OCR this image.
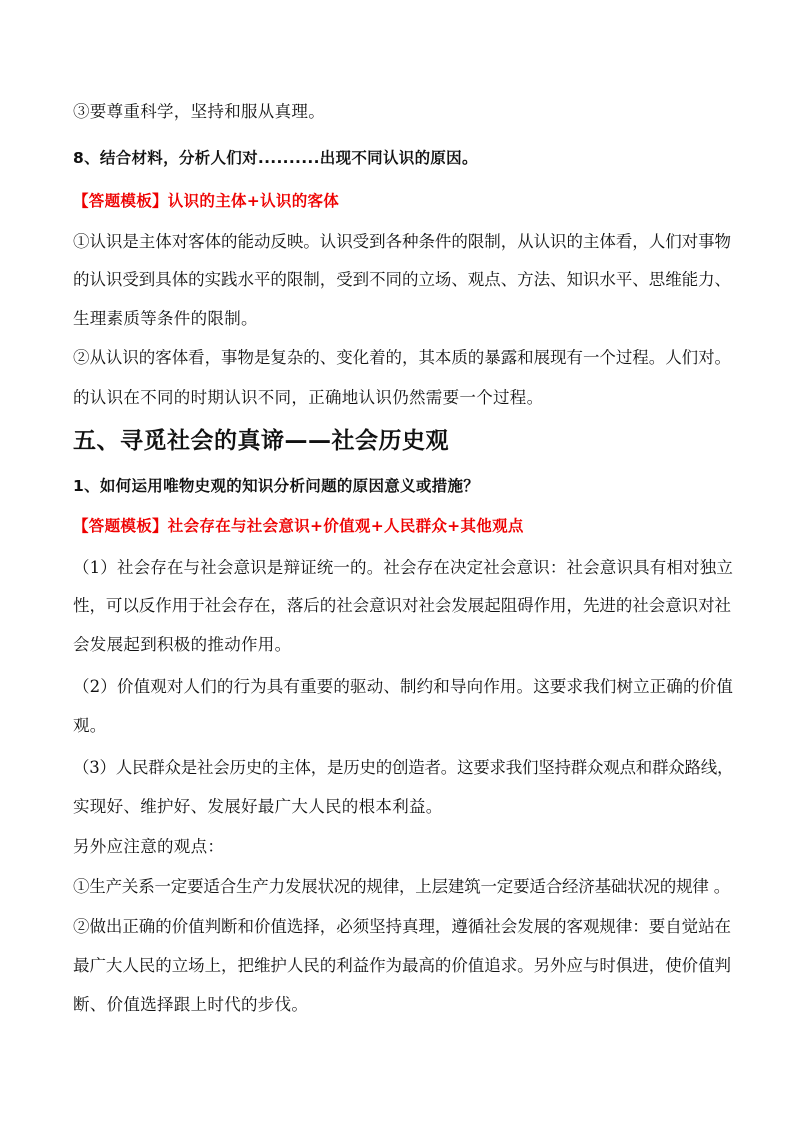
③要尊重科学，坚持和服从真理。
8、结合材料，分析人们对..........出现不同认识的原因。
【答题模板】认识的主体+认识的客体
①认识是主体对客体的能动反映。认识受到各种条件的限制，从认识的主体看，人们对事物
的认识受到具体的实践水平的限制，受到不同的立场、观点、方法、知识水平、思维能力、
生理素质等条件的限制。
②从认识的客体看，事物是复杂的、变化着的，其本质的暴露和展现有一个过程。人们对。
的认识在不同的时期认识不同，正确地认识仍然需要一个过程。
五、寻觅社会的真谛——社会历史观
1、如何运用唯物史观的知识分析问题的原因意义或措施？
【答题模板】社会存在与社会意识+价值观+人民群众+其他观点
（1）社会存在与社会意识是辩证统一的。社会存在决定社会意识：社会意识具有相对独立
性，可以反作用于社会存在，落后的社会意识对社会发展起阻碍作用，先进的社会意识对社
会发展起到积极的推动作用。
（2）价值观对人们的行为具有重要的驱动、制约和导向作用。这要求我们树立正确的价值
观。
（3）人民群众是社会历史的主体，是历史的创造者。这要求我们坚持群众观点和群众路线，
实现好、维护好、发展好最广大人民的根本利益。
另外应注意的观点：
①生产关系一定要适合生产力发展状况的规律，上层建筑一定要适合经济基础状况的规律 。
②做出正确的价值判断和价值选择，必须坚持真理，遵循社会发展的客观规律：要自觉站在
最广大人民的立场上，把维护人民的利益作为最高的价值追求。另外应与时俱进，使价值判
断、价值选择跟上时代的步伐。
